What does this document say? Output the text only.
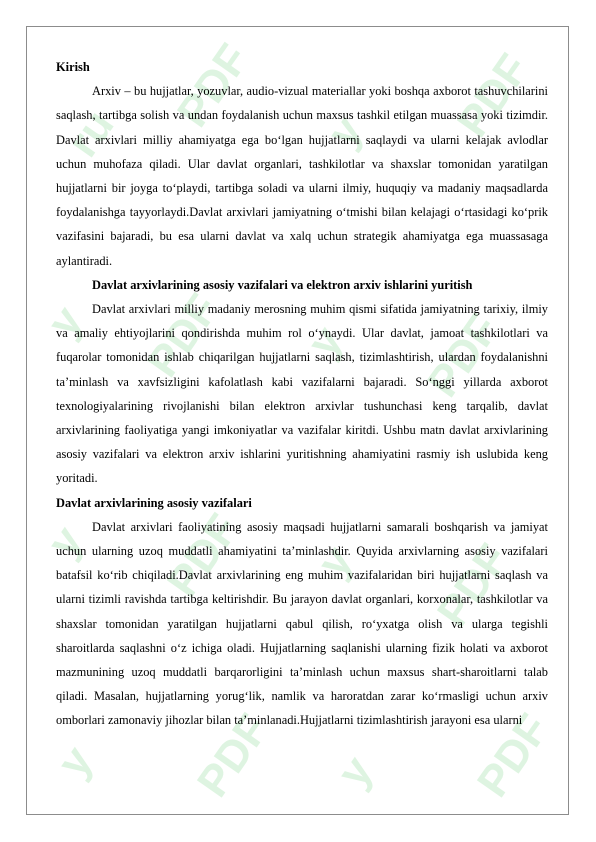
ru PDF y PDF
y PDF y PDF
y PDF y PDF
y PDF y PDF

Kirish

Arxiv – bu hujjatlar, yozuvlar, audio-vizual materiallar yoki boshqa axborot tashuvchilarini saqlash, tartibga solish va undan foydalanish uchun maxsus tashkil etilgan muassasa yoki tizimdir. Davlat arxivlari milliy ahamiyatga ega bo‘lgan hujjatlarni saqlaydi va ularni kelajak avlodlar uchun muhofaza qiladi. Ular davlat organlari, tashkilotlar va shaxslar tomonidan yaratilgan hujjatlarni bir joyga to‘playdi, tartibga soladi va ularni ilmiy, huquqiy va madaniy maqsadlarda foydalanishga tayyorlaydi.Davlat arxivlari jamiyatning o‘tmishi bilan kelajagi o‘rtasidagi ko‘prik vazifasini bajaradi, bu esa ularni davlat va xalq uchun strategik ahamiyatga ega muassasaga aylantiradi.

Davlat arxivlarining asosiy vazifalari va elektron arxiv ishlarini yuritish

Davlat arxivlari milliy madaniy merosning muhim qismi sifatida jamiyatning tarixiy, ilmiy va amaliy ehtiyojlarini qondirishda muhim rol o‘ynaydi. Ular davlat, jamoat tashkilotlari va fuqarolar tomonidan ishlab chiqarilgan hujjatlarni saqlash, tizimlashtirish, ulardan foydalanishni ta’minlash va xavfsizligini kafolatlash kabi vazifalarni bajaradi. So‘nggi yillarda axborot texnologiyalarining rivojlanishi bilan elektron arxivlar tushunchasi keng tarqalib, davlat arxivlarining faoliyatiga yangi imkoniyatlar va vazifalar kiritdi. Ushbu matn davlat arxivlarining asosiy vazifalari va elektron arxiv ishlarini yuritishning ahamiyatini rasmiy ish uslubida keng yoritadi.

Davlat arxivlarining asosiy vazifalari

Davlat arxivlari faoliyatining asosiy maqsadi hujjatlarni samarali boshqarish va jamiyat uchun ularning uzoq muddatli ahamiyatini ta’minlashdir. Quyida arxivlarning asosiy vazifalari batafsil ko‘rib chiqiladi.Davlat arxivlarining eng muhim vazifalaridan biri hujjatlarni saqlash va ularni tizimli ravishda tartibga keltirishdir. Bu jarayon davlat organlari, korxonalar, tashkilotlar va shaxslar tomonidan yaratilgan hujjatlarni qabul qilish, ro‘yxatga olish va ularga tegishli sharoitlarda saqlashni o‘z ichiga oladi. Hujjatlarning saqlanishi ularning fizik holati va axborot mazmunining uzoq muddatli barqarorligini ta’minlash uchun maxsus shart-sharoitlarni talab qiladi. Masalan, hujjatlarning yorug‘lik, namlik va haroratdan zarar ko‘rmasligi uchun arxiv omborlari zamonaviy jihozlar bilan ta’minlanadi.Hujjatlarni tizimlashtirish jarayoni esa ularni
